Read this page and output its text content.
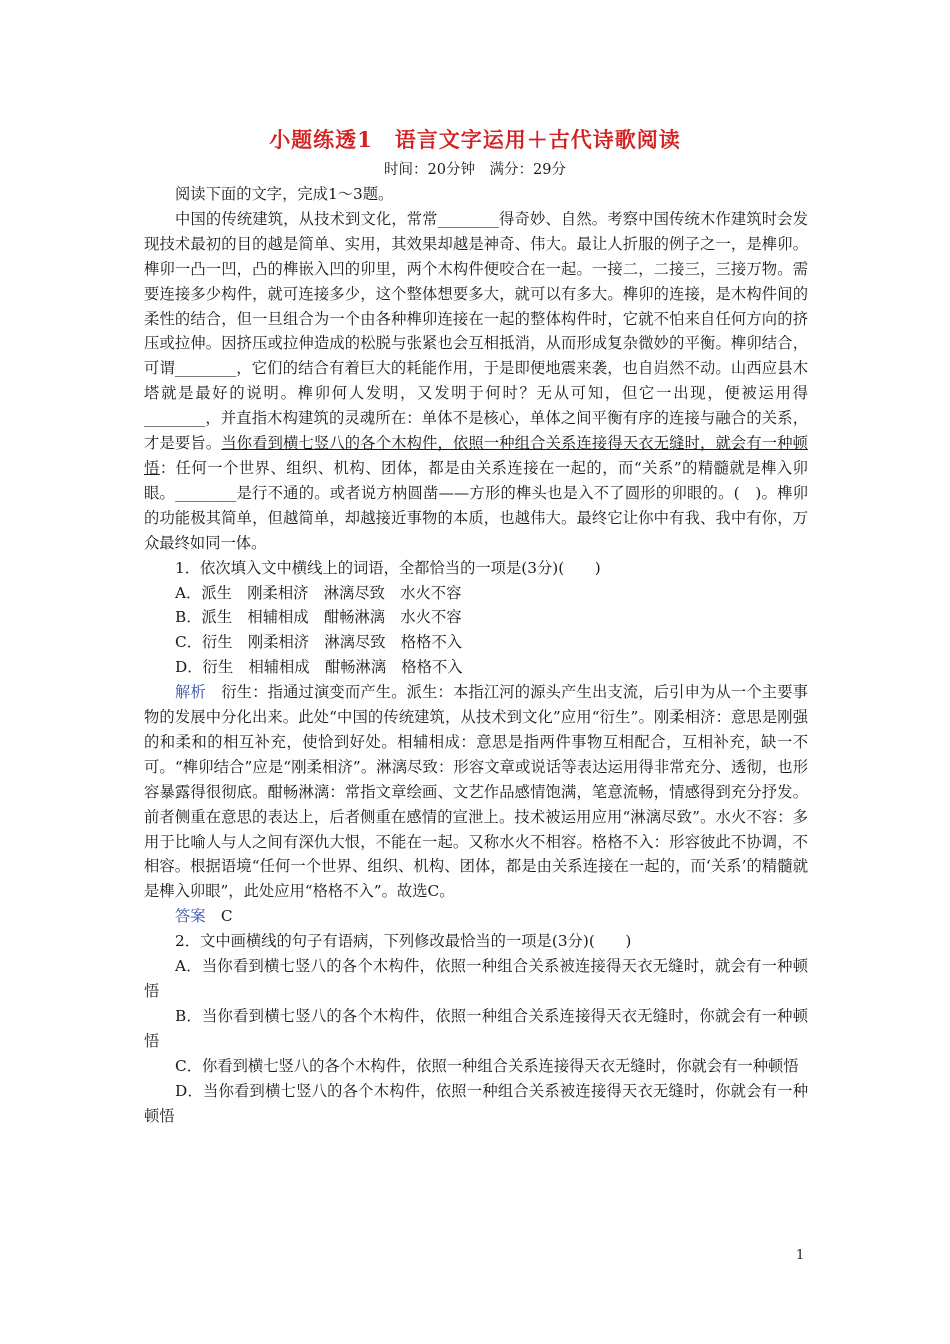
小题练透1　语言文字运用＋古代诗歌阅读
时间：20分钟　满分：29分

阅读下面的文字，完成1～3题。

中国的传统建筑，从技术到文化，常常________得奇妙、自然。考察中国传统木作建筑时会发现技术最初的目的越是简单、实用，其效果却越是神奇、伟大。最让人折服的例子之一，是榫卯。榫卯一凸一凹，凸的榫嵌入凹的卯里，两个木构件便咬合在一起。一接二，二接三，三接万物。需要连接多少构件，就可连接多少，这个整体想要多大，就可以有多大。榫卯的连接，是木构件间的柔性的结合，但一旦组合为一个由各种榫卯连接在一起的整体构件时，它就不怕来自任何方向的挤压或拉伸。因挤压或拉伸造成的松脱与张紧也会互相抵消，从而形成复杂微妙的平衡。榫卯结合，可谓________，它们的结合有着巨大的耗能作用，于是即便地震来袭，也自岿然不动。山西应县木塔就是最好的说明。榫卯何人发明，又发明于何时？无从可知，但它一出现，便被运用得________，并直指木构建筑的灵魂所在：单体不是核心，单体之间平衡有序的连接与融合的关系，才是要旨。当你看到横七竖八的各个木构件，依照一种组合关系连接得天衣无缝时，就会有一种顿悟：任何一个世界、组织、机构、团体，都是由关系连接在一起的，而“关系”的精髓就是榫入卯眼。________是行不通的。或者说方枘圆凿——方形的榫头也是入不了圆形的卯眼的。(　)。榫卯的功能极其简单，但越简单，却越接近事物的本质，也越伟大。最终它让你中有我、我中有你，万众最终如同一体。

1．依次填入文中横线上的词语，全都恰当的一项是(3分)(　　)

A．派生　刚柔相济　淋漓尽致　水火不容

B．派生　相辅相成　酣畅淋漓　水火不容

C．衍生　刚柔相济　淋漓尽致　格格不入

D．衍生　相辅相成　酣畅淋漓　格格不入

解析　 衍生：指通过演变而产生。派生：本指江河的源头产生出支流，后引申为从一个主要事物的发展中分化出来。此处“中国的传统建筑，从技术到文化”应用“衍生”。刚柔相济：意思是刚强的和柔和的相互补充，使恰到好处。相辅相成：意思是指两件事物互相配合，互相补充，缺一不可。“榫卯结合”应是“刚柔相济”。淋漓尽致：形容文章或说话等表达运用得非常充分、透彻，也形容暴露得很彻底。酣畅淋漓：常指文章绘画、文艺作品感情饱满，笔意流畅，情感得到充分抒发。前者侧重在意思的表达上，后者侧重在感情的宣泄上。技术被运用应用“淋漓尽致”。水火不容：多用于比喻人与人之间有深仇大恨，不能在一起。又称水火不相容。格格不入：形容彼此不协调，不相容。根据语境“任何一个世界、组织、机构、团体，都是由关系连接在一起的，而‘关系’的精髓就是榫入卯眼”，此处应用“格格不入”。故选C。

答案　 C

2．文中画横线的句子有语病，下列修改最恰当的一项是(3分)(　　)

A．当你看到横七竖八的各个木构件，依照一种组合关系被连接得天衣无缝时，就会有一种顿悟

B．当你看到横七竖八的各个木构件，依照一种组合关系连接得天衣无缝时，你就会有一种顿悟

C．你看到横七竖八的各个木构件，依照一种组合关系连接得天衣无缝时，你就会有一种顿悟

D．当你看到横七竖八的各个木构件，依照一种组合关系被连接得天衣无缝时，你就会有一种顿悟

1
